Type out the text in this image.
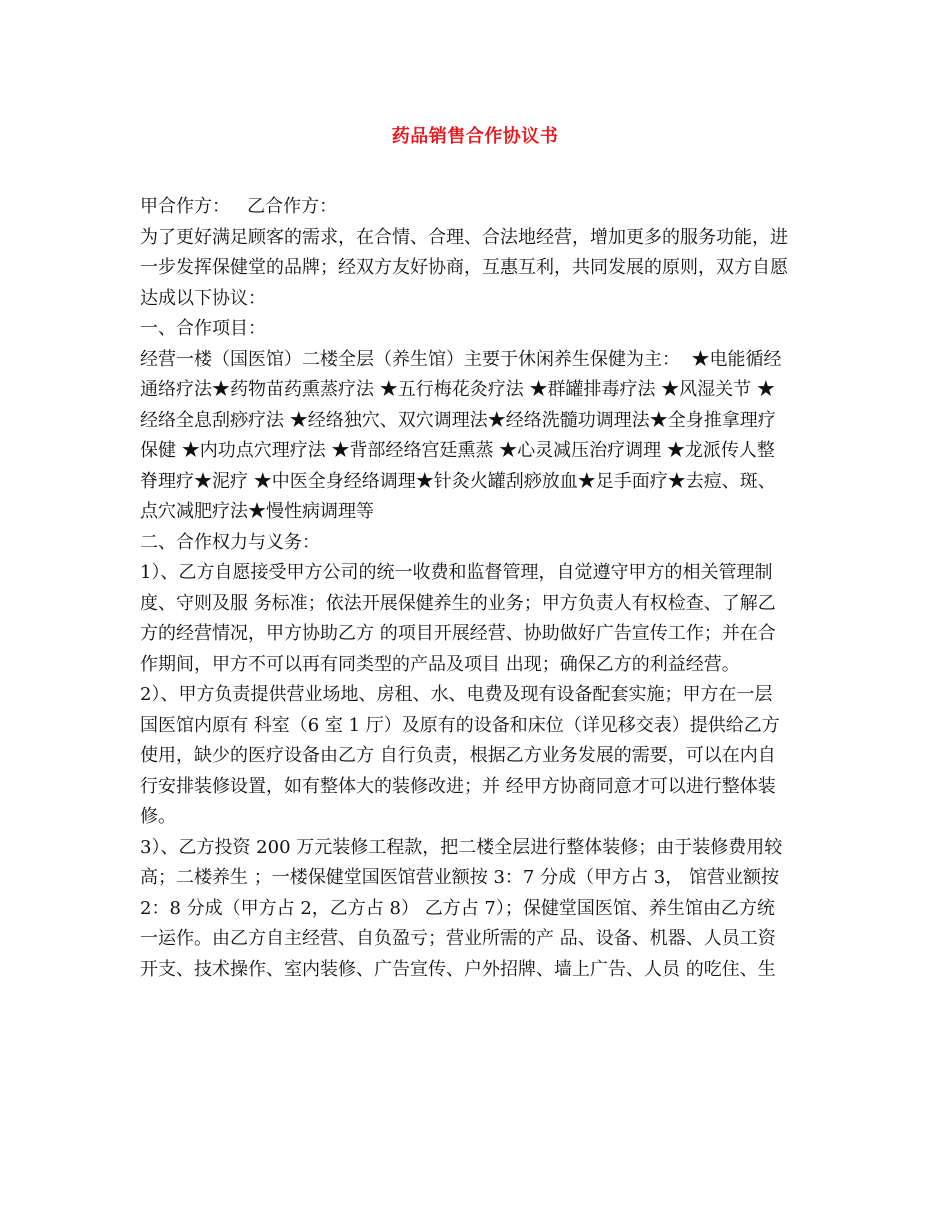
药品销售合作协议书
甲合作方：   乙合作方：
为了更好满足顾客的需求，在合情、合理、合法地经营，增加更多的服务功能，进
一步发挥保健堂的品牌；经双方友好协商，互惠互利，共同发展的原则，双方自愿
达成以下协议：
一、合作项目：
经营一楼（国医馆）二楼全层（养生馆）主要于休闲养生保健为主：  ★电能循经
通络疗法★药物苗药熏蒸疗法 ★五行梅花灸疗法 ★群罐排毒疗法 ★风湿关节 ★
经络全息刮痧疗法 ★经络独穴、双穴调理法★经络洗髓功调理法★全身推拿理疗
保健 ★内功点穴理疗法 ★背部经络宫廷熏蒸 ★心灵减压治疗调理 ★龙派传人整
脊理疗★泥疗 ★中医全身经络调理★针灸火罐刮痧放血★足手面疗★去痘、斑、
点穴减肥疗法★慢性病调理等
二、合作权力与义务：
1）、乙方自愿接受甲方公司的统一收费和监督管理，自觉遵守甲方的相关管理制
度、守则及服 务标准；依法开展保健养生的业务；甲方负责人有权检查、了解乙
方的经营情况，甲方协助乙方 的项目开展经营、协助做好广告宣传工作；并在合
作期间，甲方不可以再有同类型的产品及项目 出现；确保乙方的利益经营。
2）、甲方负责提供营业场地、房租、水、电费及现有设备配套实施；甲方在一层
国医馆内原有 科室（6 室 1 厅）及原有的设备和床位（详见移交表）提供给乙方
使用，缺少的医疗设备由乙方 自行负责，根据乙方业务发展的需要，可以在内自
行安排装修设置，如有整体大的装修改进；并 经甲方协商同意才可以进行整体装
修。
3）、乙方投资 200 万元装修工程款，把二楼全层进行整体装修；由于装修费用较
高；二楼养生 ；一楼保健堂国医馆营业额按 3：7 分成（甲方占 3， 馆营业额按
2：8 分成（甲方占 2，乙方占 8） 乙方占 7）；保健堂国医馆、养生馆由乙方统
一运作。由乙方自主经营、自负盈亏；营业所需的产 品、设备、机器、人员工资
开支、技术操作、室内装修、广告宣传、户外招牌、墙上广告、人员 的吃住、生
